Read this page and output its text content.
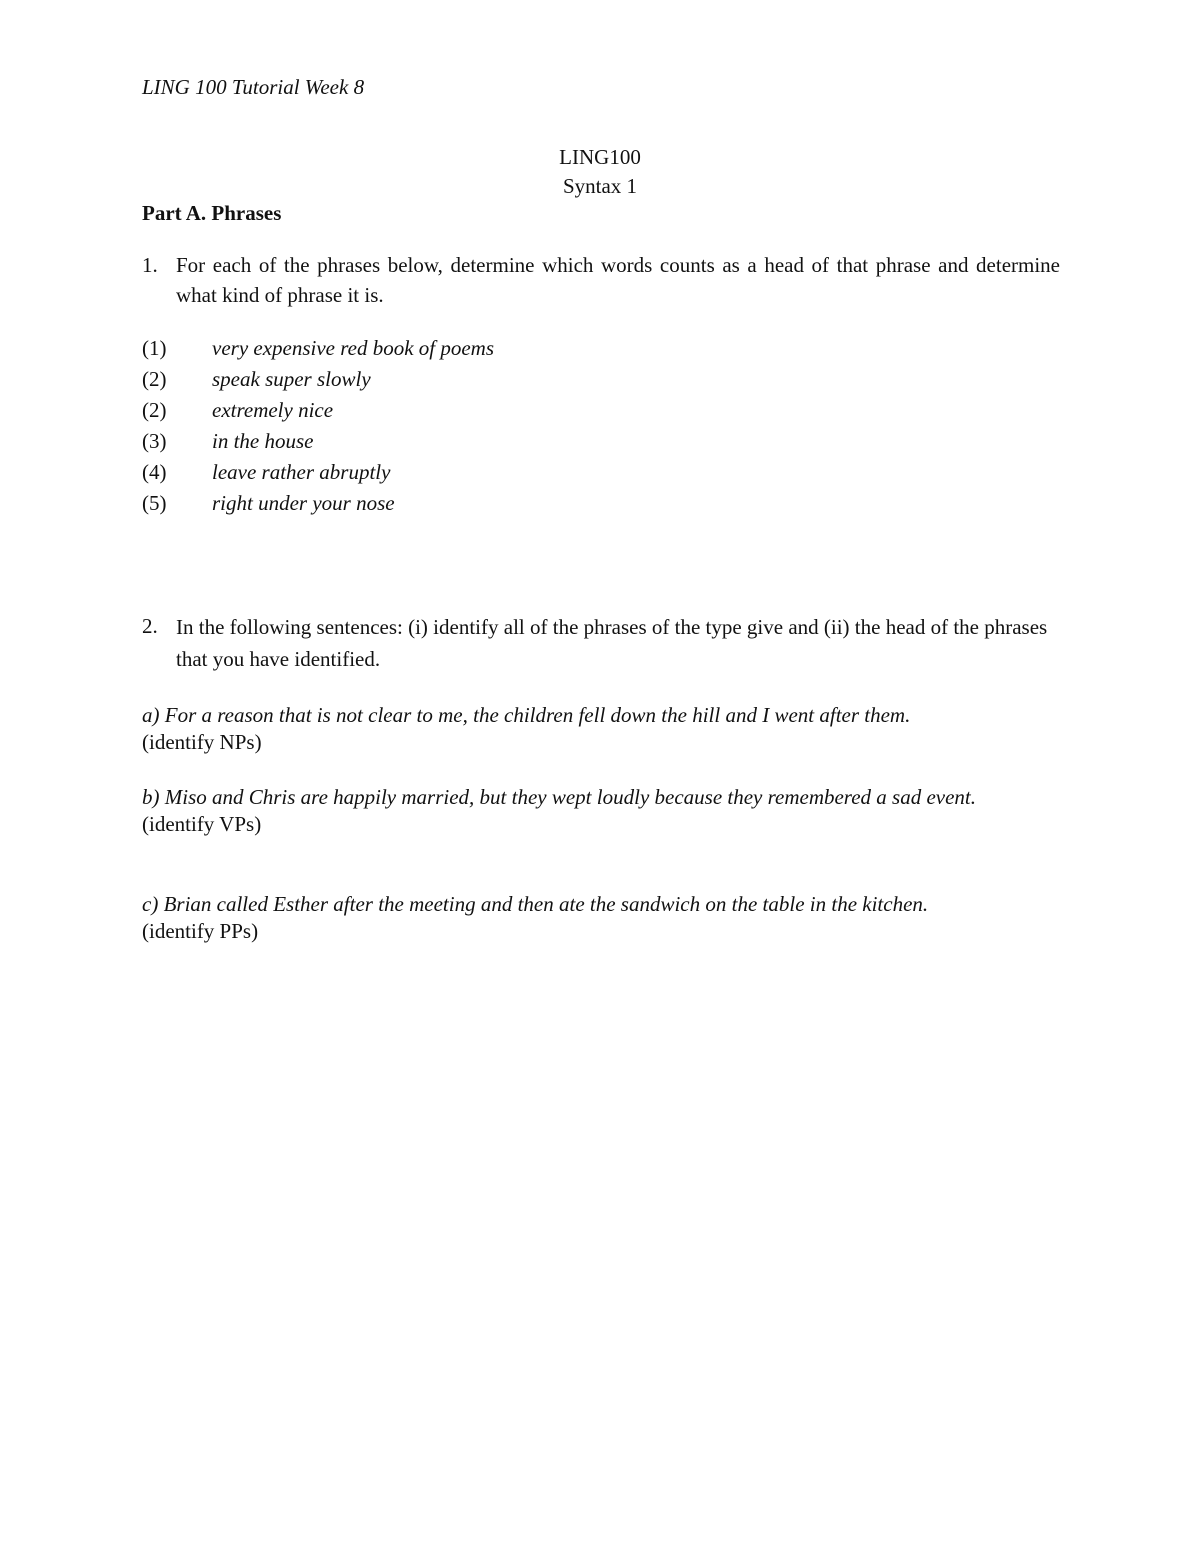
LING 100 Tutorial Week 8
LING100
Syntax 1
Part A. Phrases
1. For each of the phrases below, determine which words counts as a head of that phrase and determine what kind of phrase it is.
(1)	very expensive red book of poems
(2)	speak super slowly
(2)	extremely nice
(3)	in the house
(4)	leave rather abruptly
(5)	right under your nose
2. In the following sentences: (i) identify all of the phrases of the type give and (ii) the head of the phrases that you have identified.
a) For a reason that is not clear to me, the children fell down the hill and I went after them.
(identify NPs)
b) Miso and Chris are happily married, but they wept loudly because they remembered a sad event.
(identify VPs)
c) Brian called Esther after the meeting and then ate the sandwich on the table in the kitchen.
(identify PPs)
